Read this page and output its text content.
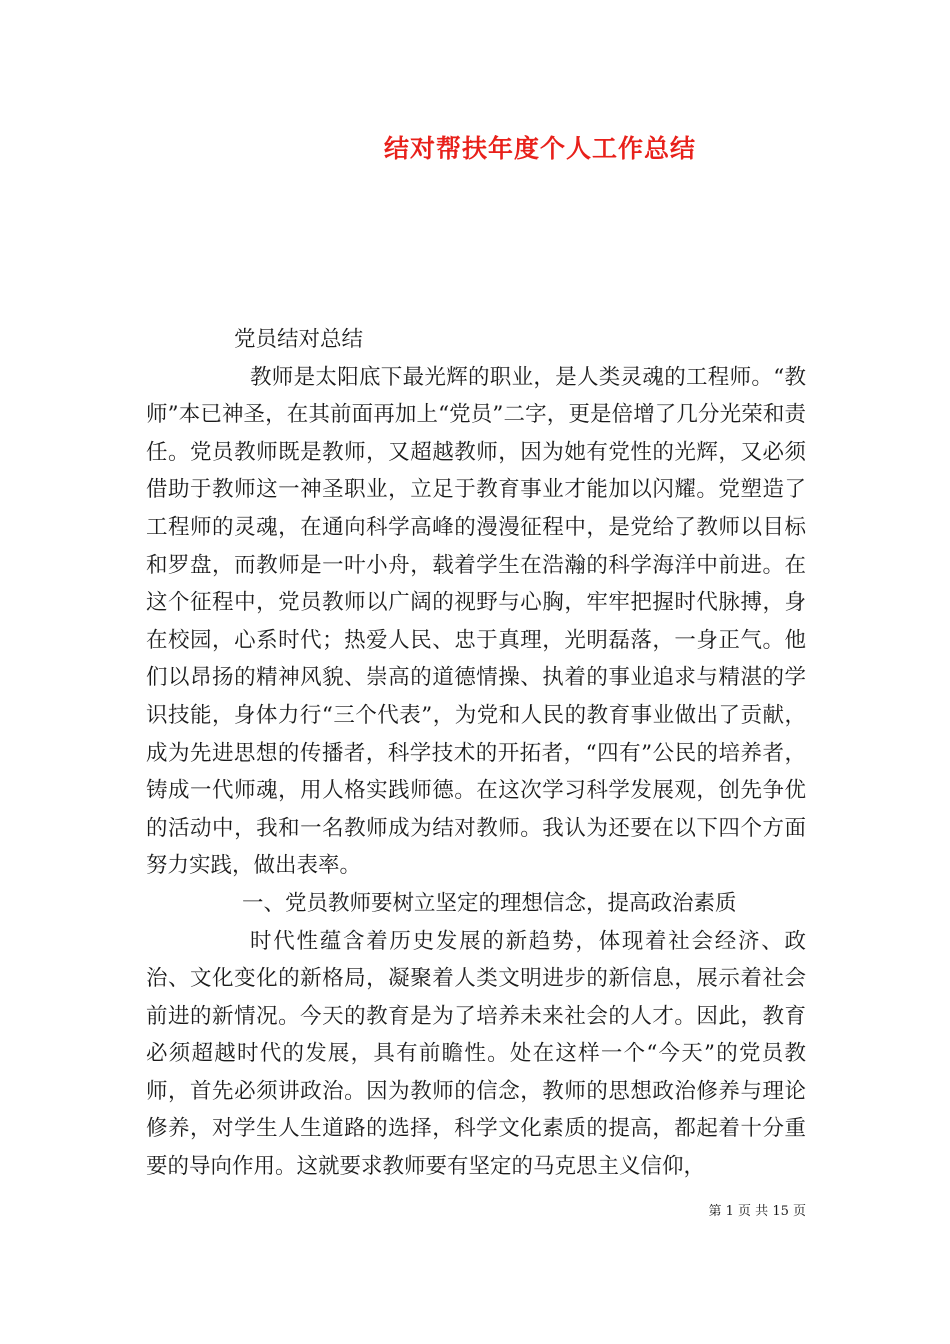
结对帮扶年度个人工作总结

党员结对总结

教师是太阳底下最光辉的职业，是人类灵魂的工程师。“教师”本已神圣，在其前面再加上“党员”二字，更是倍增了几分光荣和责任。党员教师既是教师，又超越教师，因为她有党性的光辉，又必须借助于教师这一神圣职业，立足于教育事业才能加以闪耀。党塑造了工程师的灵魂，在通向科学高峰的漫漫征程中，是党给了教师以目标和罗盘，而教师是一叶小舟，载着学生在浩瀚的科学海洋中前进。在这个征程中，党员教师以广阔的视野与心胸，牢牢把握时代脉搏，身在校园，心系时代；热爱人民、忠于真理，光明磊落，一身正气。他们以昂扬的精神风貌、崇高的道德情操、执着的事业追求与精湛的学识技能，身体力行“三个代表”，为党和人民的教育事业做出了贡献，成为先进思想的传播者，科学技术的开拓者，“四有”公民的培养者，铸成一代师魂，用人格实践师德。在这次学习科学发展观，创先争优的活动中，我和一名教师成为结对教师。我认为还要在以下四个方面努力实践，做出表率。

一、党员教师要树立坚定的理想信念，提高政治素质

时代性蕴含着历史发展的新趋势，体现着社会经济、政治、文化变化的新格局，凝聚着人类文明进步的新信息，展示着社会前进的新情况。今天的教育是为了培养未来社会的人才。因此，教育必须超越时代的发展，具有前瞻性。处在这样一个“今天”的党员教师，首先必须讲政治。因为教师的信念，教师的思想政治修养与理论修养，对学生人生道路的选择，科学文化素质的提高，都起着十分重要的导向作用。这就要求教师要有坚定的马克思主义信仰，

第 1 页 共 15 页
